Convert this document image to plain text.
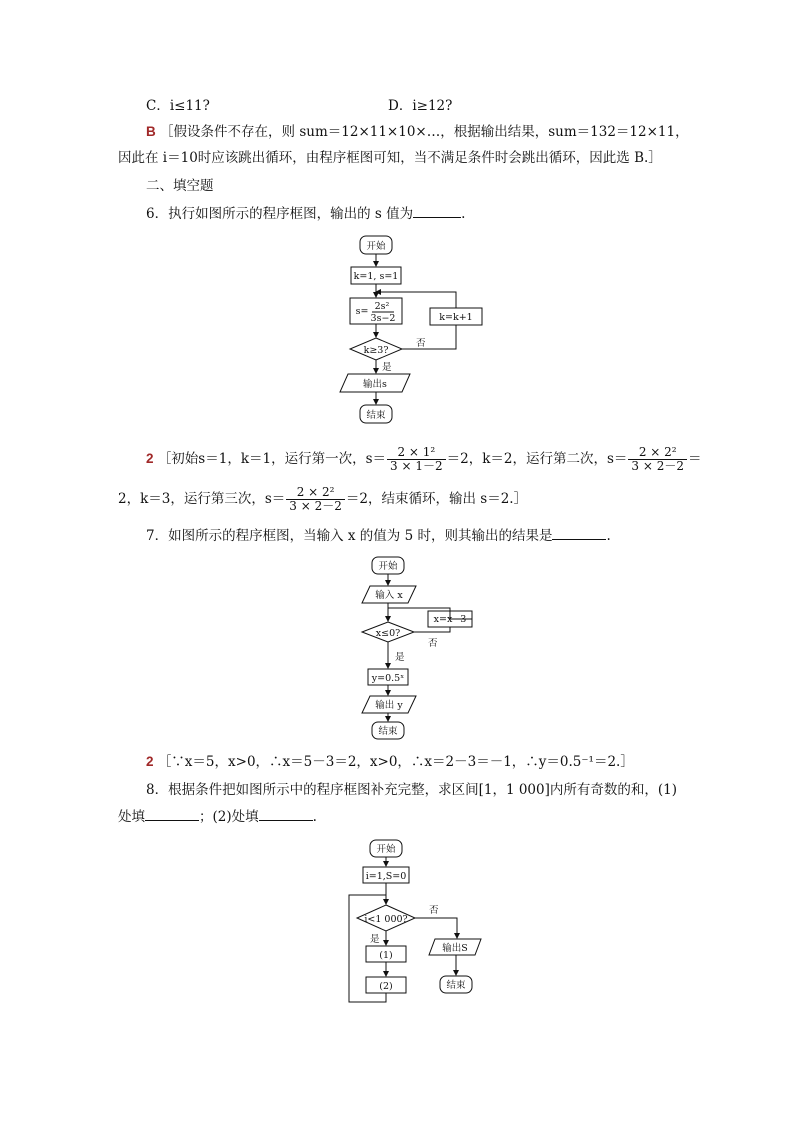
C．i≤11?	D．i≥12?
B ［假设条件不存在，则 sum＝12×11×10×…，根据输出结果，sum＝132＝12×11，
因此在 i＝10时应该跳出循环，由程序框图可知，当不满足条件时会跳出循环，因此选 B.］
二、填空题
6．执行如图所示的程序框图，输出的 s 值为	.
开始
k=1, s=1
s= 2s²
3s−2
k≥3?
k=k+1
否
是
输出s
结束
2 ［初始s＝1，k＝1，运行第一次，$s= \frac{\text{2 × 1²}}{3 \times 1-2} =2$，k＝2，运行第二次，$s= \frac{\text{2 × 2²}}{3 \times 2-2}$ ＝
2，k＝3，运行第三次，$s= \frac{\text{2 × 2²}}{3 \times 2-2} =2$，结束循环，输出 s＝2.］
7．如图所示的程序框图，当输入 x 的值为 5 时，则其输出的结果是	.
开始
输入 x
x=x−3
x≤0?
否
是
y=0.5ˣ
输出 y
结束
2 ［∵x＝5，x>0，∴x＝5－3＝2，x>0，∴x＝2－3＝－1，∴y＝0.5⁻¹＝2.］
8．根据条件把如图所示中的程序框图补充完整，求区间[1，1 000]内所有奇数的和，(1)
处填	；(2)处填	.
开始
i=1,S=0
i<1 000?
否
输出S
结束
是
(1)
(2)
